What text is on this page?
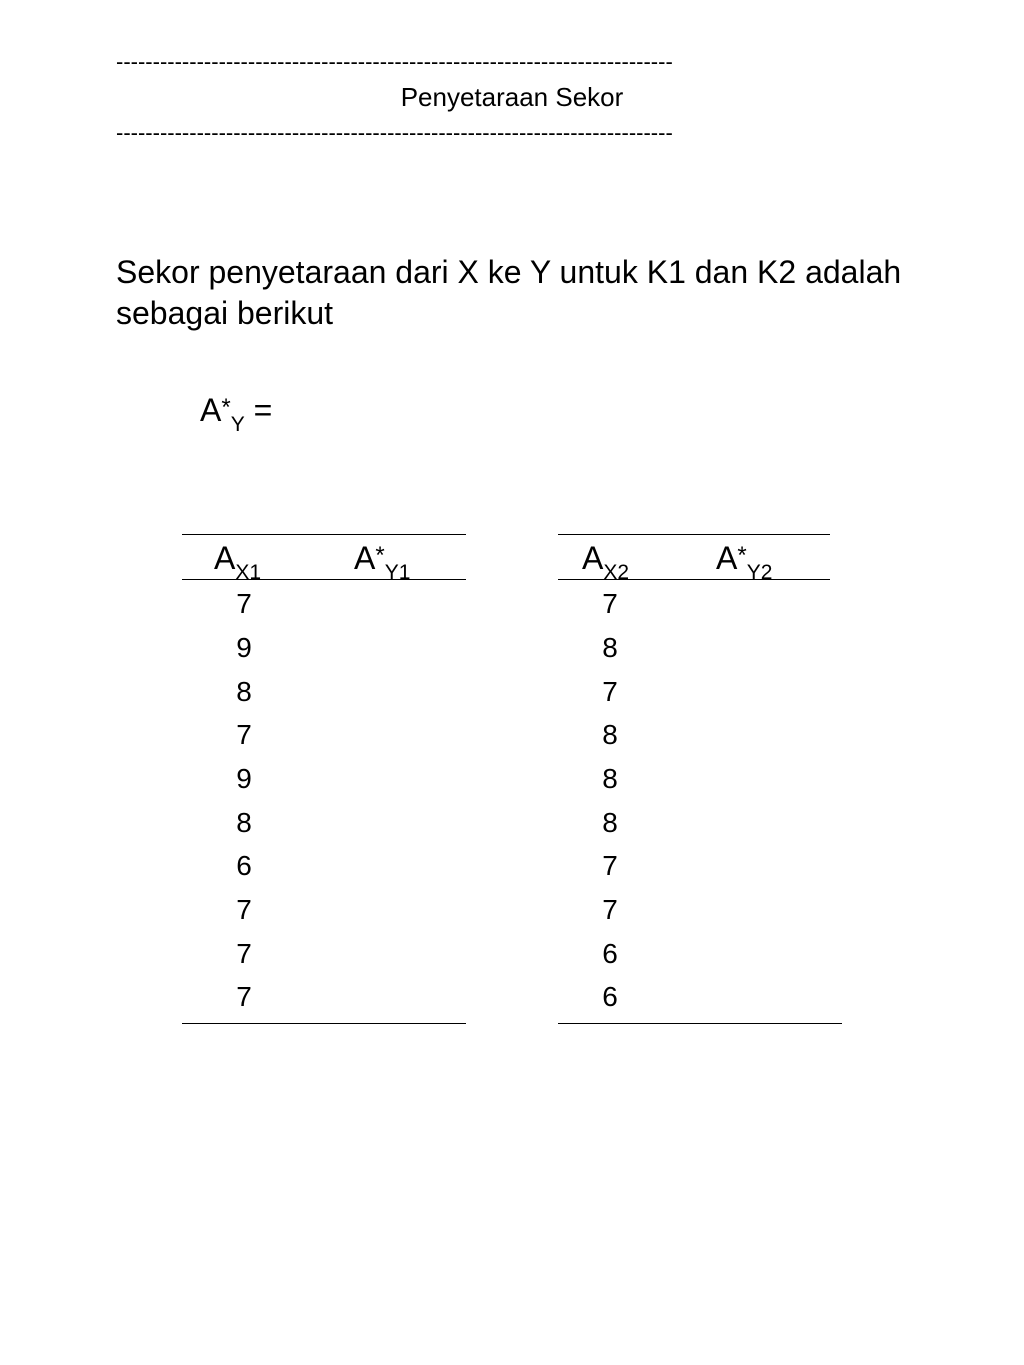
----------------------------------------------------------------------------
Penyetaraan Sekor
----------------------------------------------------------------------------
Sekor penyetaraan dari X ke Y untuk K1 dan K2 adalah sebagai berikut
$A*_Y$ =
$A_{X1}$	$A*_{Y1}$
7
9
8
7
9
8
6
7
7
7
$A_{X2}$	$A*_{Y2}$
7
8
7
8
8
8
7
7
6
6
